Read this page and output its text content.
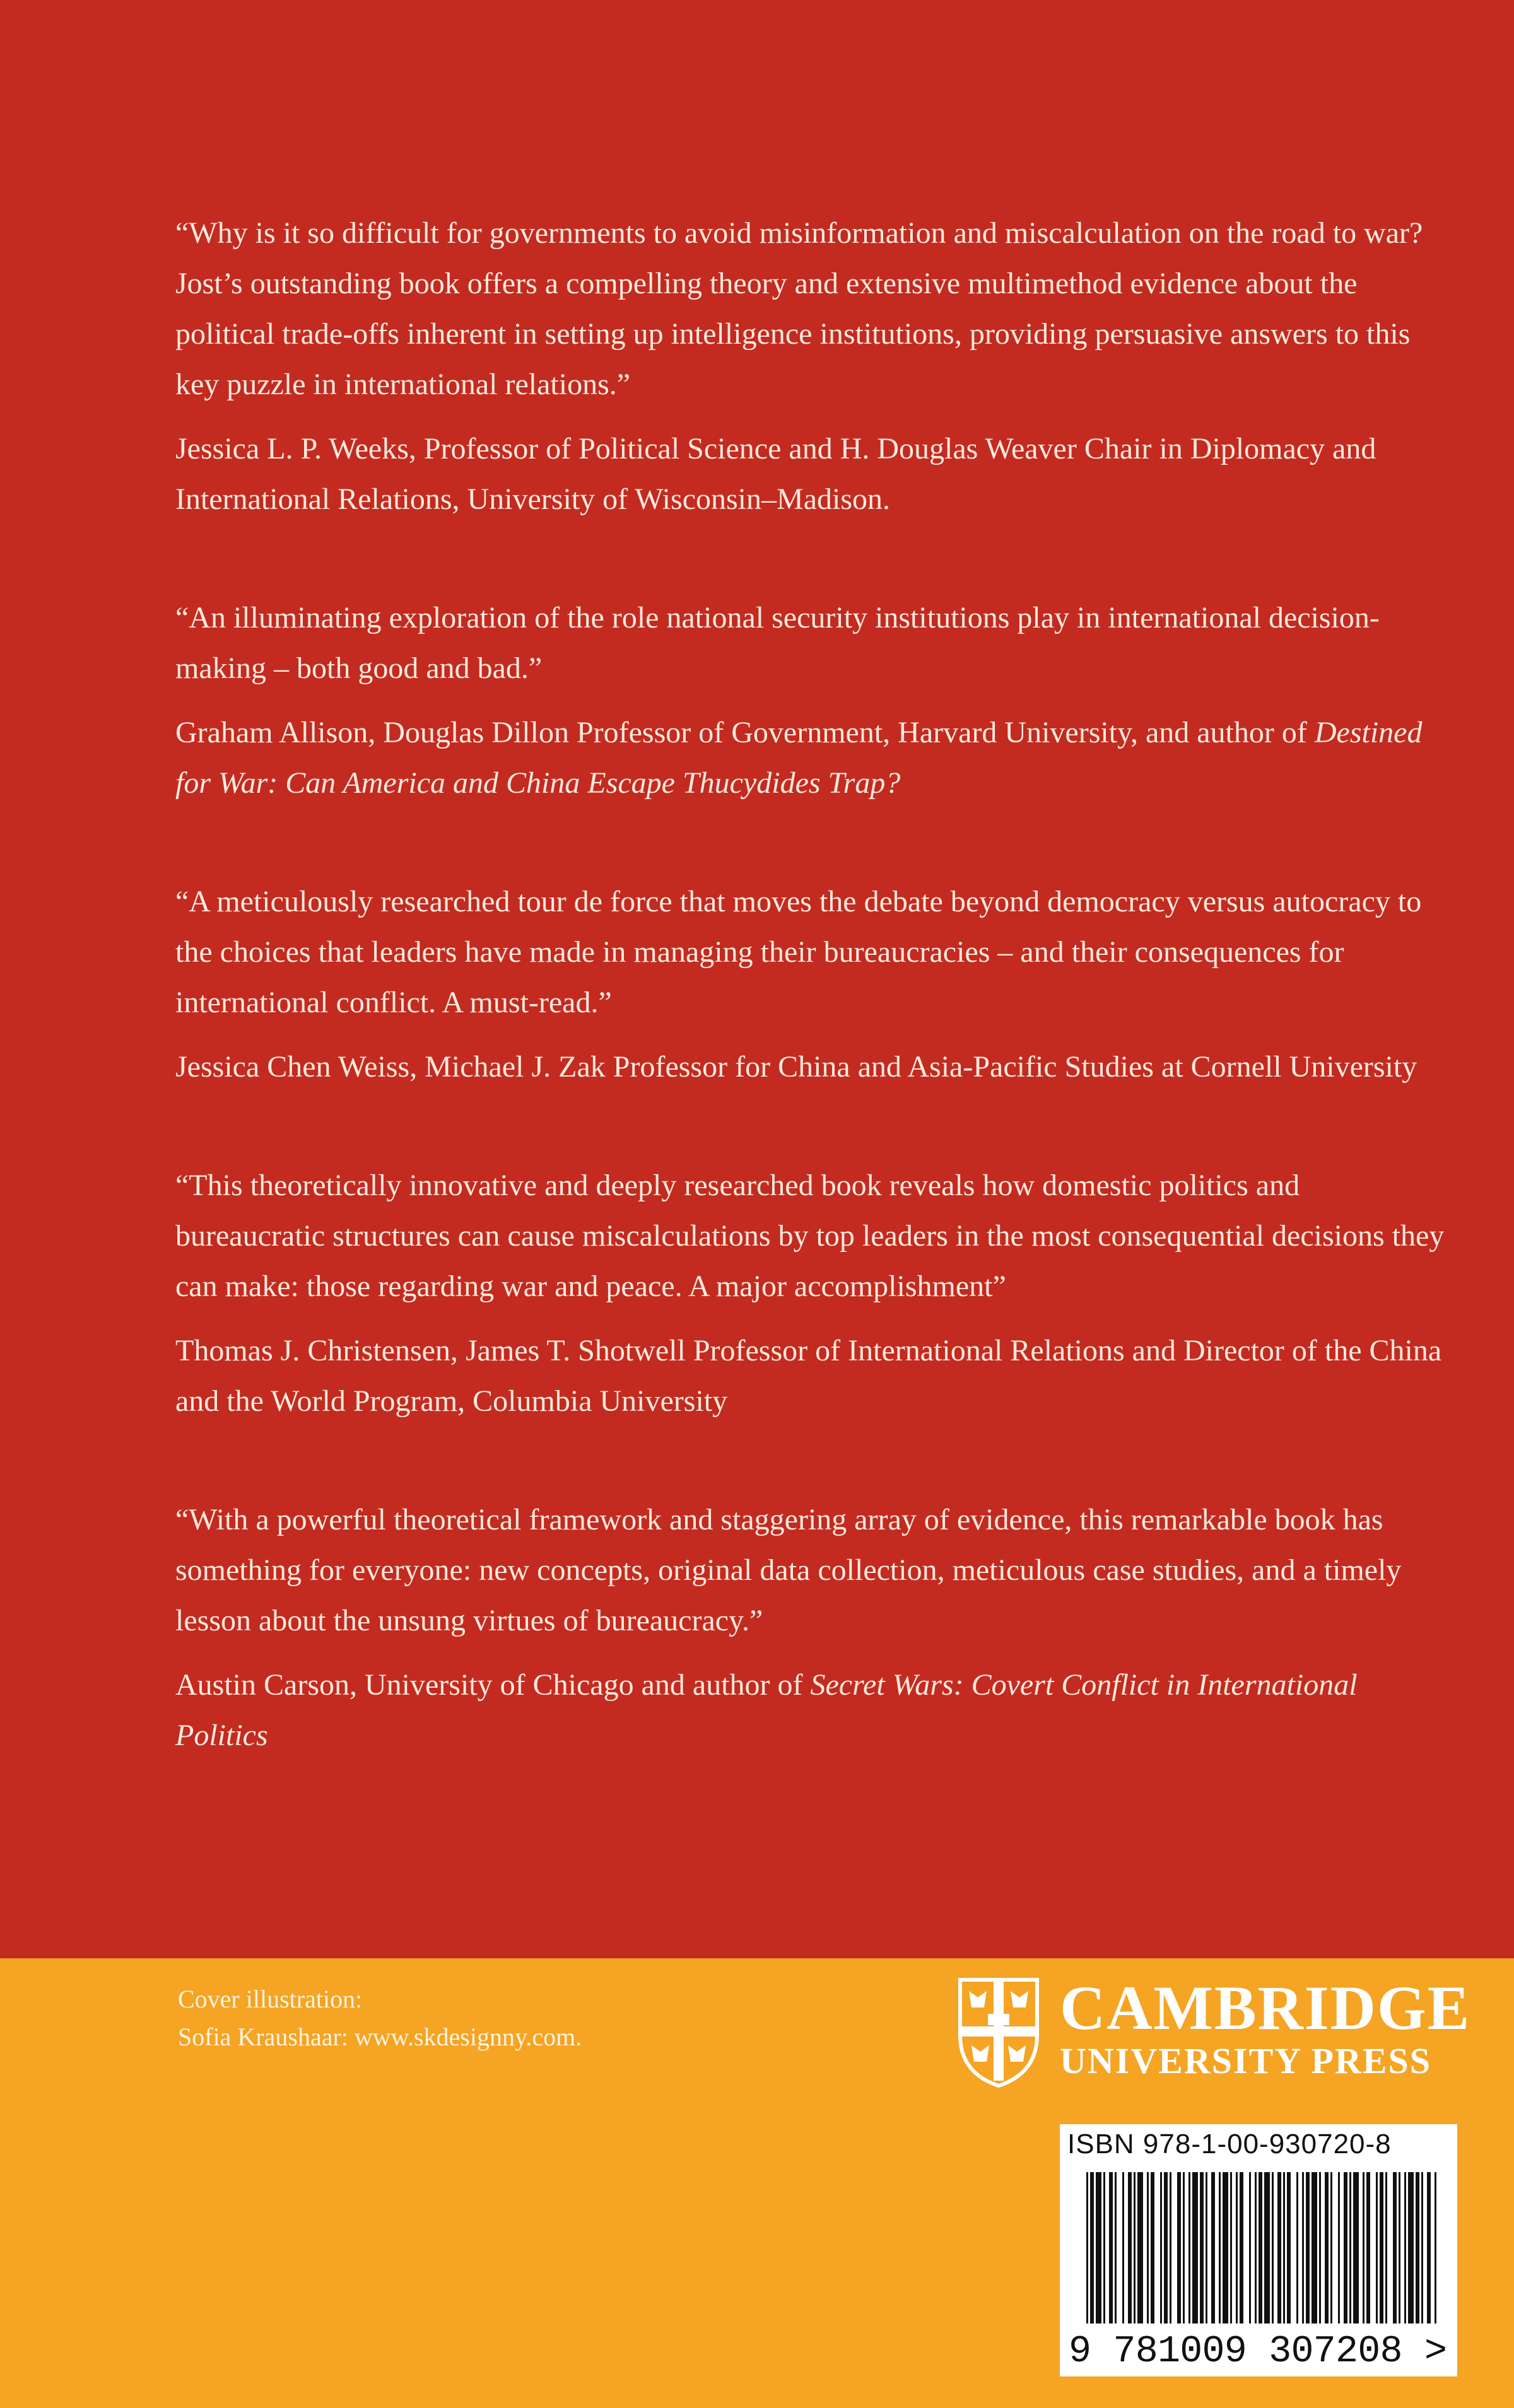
“Why is it so difficult for governments to avoid misinformation and miscalculation on the road to war? Jost’s outstanding book offers a compelling theory and extensive multimethod evidence about the political trade-offs inherent in setting up intelligence institutions, providing persuasive answers to this key puzzle in international relations.”

Jessica L. P. Weeks, Professor of Political Science and H. Douglas Weaver Chair in Diplomacy and International Relations, University of Wisconsin–Madison.

“An illuminating exploration of the role national security institutions play in international decision-making – both good and bad.”

Graham Allison, Douglas Dillon Professor of Government, Harvard University, and author of Destined for War: Can America and China Escape Thucydides Trap?

“A meticulously researched tour de force that moves the debate beyond democracy versus autocracy to the choices that leaders have made in managing their bureaucracies – and their consequences for international conflict. A must-read.”

Jessica Chen Weiss, Michael J. Zak Professor for China and Asia-Pacific Studies at Cornell University

“This theoretically innovative and deeply researched book reveals how domestic politics and bureaucratic structures can cause miscalculations by top leaders in the most consequential decisions they can make: those regarding war and peace. A major accomplishment”

Thomas J. Christensen, James T. Shotwell Professor of International Relations and Director of the China and the World Program, Columbia University

“With a powerful theoretical framework and staggering array of evidence, this remarkable book has something for everyone: new concepts, original data collection, meticulous case studies, and a timely lesson about the unsung virtues of bureaucracy.”

Austin Carson, University of Chicago and author of Secret Wars: Covert Conflict in International Politics

Cover illustration:
Sofia Kraushaar: www.skdesignny.com.	CAMBRIDGE
UNIVERSITY PRESS
ISBN 978-1-00-930720-8
9 781009 307208 >
